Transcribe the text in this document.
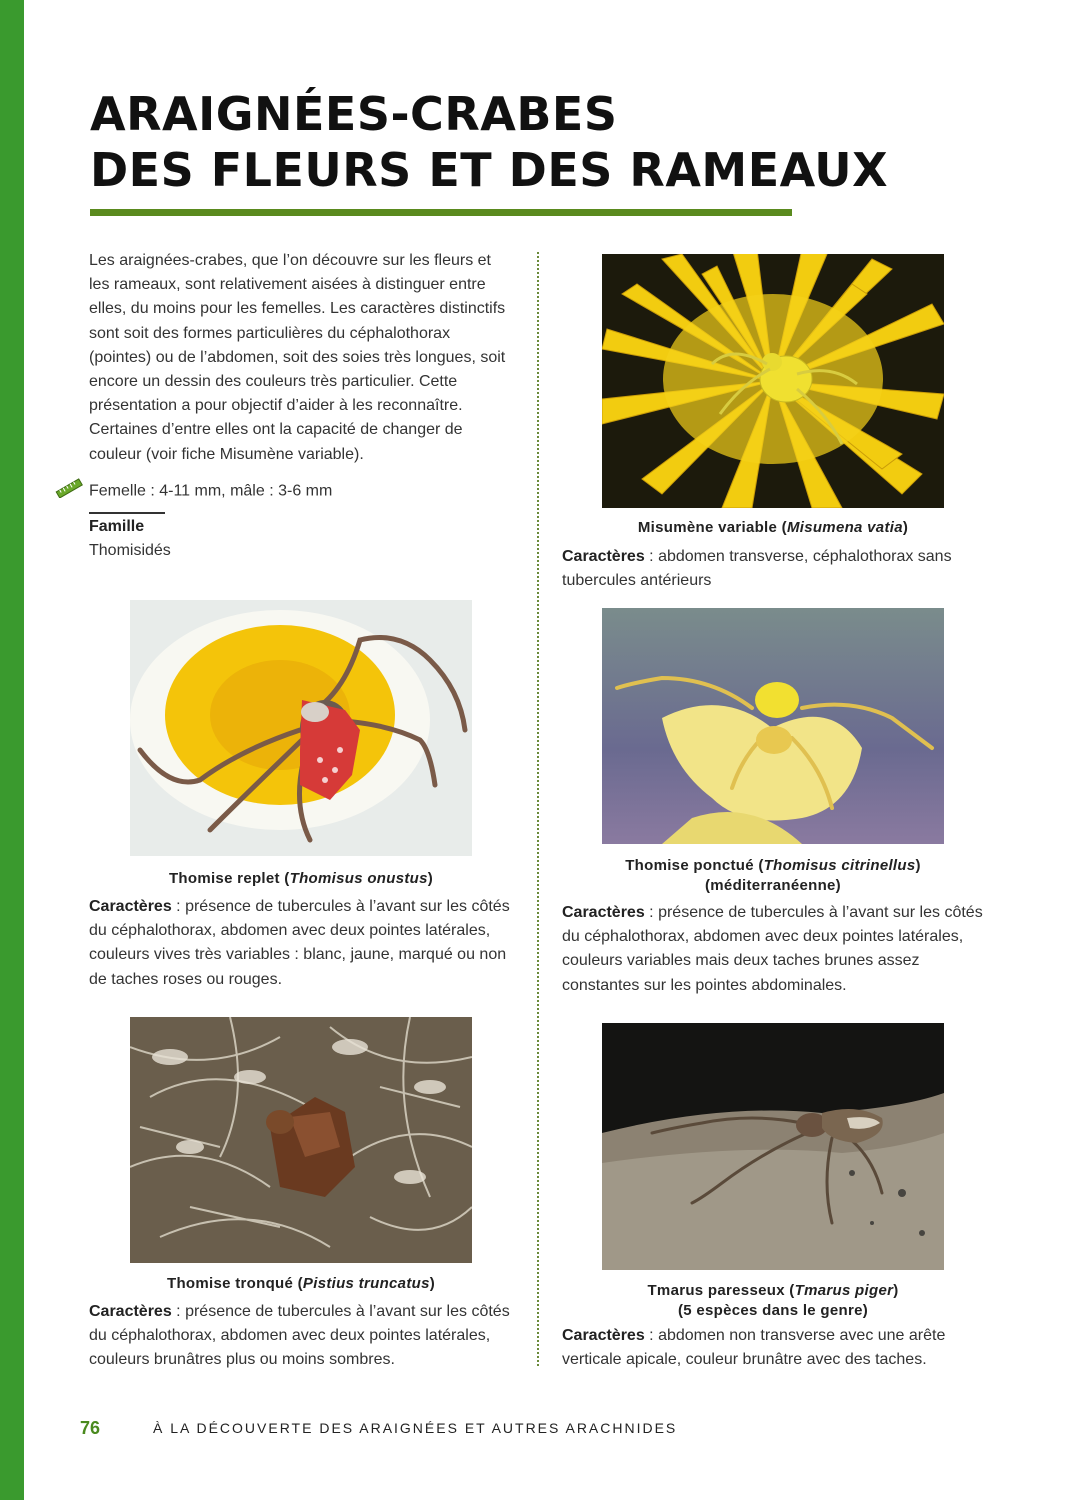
ARAIGNÉES-CRABES
DES FLEURS ET DES RAMEAUX

Les araignées-crabes, que l’on découvre sur les fleurs et les rameaux, sont relativement aisées à distinguer entre elles, du moins pour les femelles. Les caractères distinctifs sont soit des formes particulières du céphalothorax (pointes) ou de l’abdomen, soit des soies très longues, soit encore un dessin des couleurs très particulier. Cette présentation a pour objectif d’aider à les reconnaître. Certaines d’entre elles ont la capacité de changer de couleur (voir fiche Misumène variable).

Femelle : 4-11 mm, mâle : 3-6 mm
Famille
Thomisidés
Misumène variable (Misumena vatia)

Caractères : abdomen transverse, céphalothorax sans tubercules antérieurs

Thomise replet (Thomisus onustus)

Caractères : présence de tubercules à l’avant sur les côtés du céphalothorax, abdomen avec deux pointes latérales, couleurs vives très variables : blanc, jaune, marqué ou non de taches roses ou rouges.

Thomise ponctué (Thomisus citrinellus)
(méditerranéenne)

Caractères : présence de tubercules à l’avant sur les côtés du céphalothorax, abdomen avec deux pointes latérales, couleurs variables mais deux taches brunes assez constantes sur les pointes abdominales.

Thomise tronqué (Pistius truncatus)

Caractères : présence de tubercules à l’avant sur les côtés du céphalothorax, abdomen avec deux pointes latérales, couleurs brunâtres plus ou moins sombres.

Tmarus paresseux (Tmarus piger)
(5 espèces dans le genre)

Caractères : abdomen non transverse avec une arête verticale apicale, couleur brunâtre avec des taches.

76	À LA DÉCOUVERTE DES ARAIGNÉES ET AUTRES ARACHNIDES
